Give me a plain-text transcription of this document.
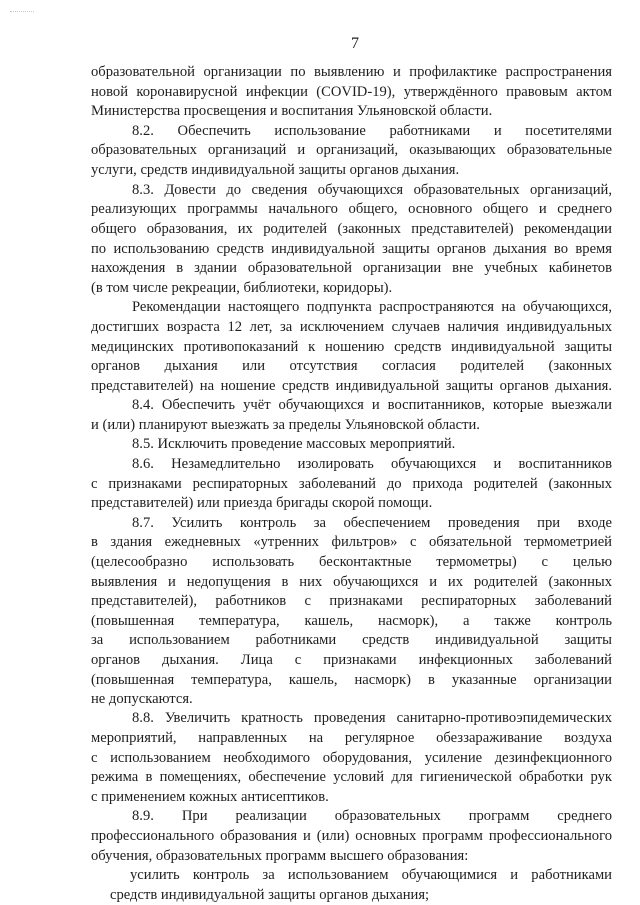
7
образовательной организации по выявлению и профилактике распространения
новой коронавирусной инфекции (COVID-19), утверждённого правовым актом
Министерства просвещения и воспитания Ульяновской области.
8.2. Обеспечить использование работниками и посетителями
образовательных организаций и организаций, оказывающих образовательные
услуги, средств индивидуальной защиты органов дыхания.
8.3. Довести до сведения обучающихся образовательных организаций,
реализующих программы начального общего, основного общего и среднего
общего образования, их родителей (законных представителей) рекомендации
по использованию средств индивидуальной защиты органов дыхания во время
нахождения в здании образовательной организации вне учебных кабинетов
(в том числе рекреации, библиотеки, коридоры).
Рекомендации настоящего подпункта распространяются на обучающихся,
достигших возраста 12 лет, за исключением случаев наличия индивидуальных
медицинских противопоказаний к ношению средств индивидуальной защиты
органов дыхания или отсутствия согласия родителей (законных
представителей) на ношение средств индивидуальной защиты органов дыхания.
8.4. Обеспечить учёт обучающихся и воспитанников, которые выезжали
и (или) планируют выезжать за пределы Ульяновской области.
8.5. Исключить проведение массовых мероприятий.
8.6. Незамедлительно изолировать обучающихся и воспитанников
с признаками респираторных заболеваний до прихода родителей (законных
представителей) или приезда бригады скорой помощи.
8.7. Усилить контроль за обеспечением проведения при входе
в здания ежедневных «утренних фильтров» с обязательной термометрией
(целесообразно использовать бесконтактные термометры) с целью
выявления и недопущения в них обучающихся и их родителей (законных
представителей), работников с признаками респираторных заболеваний
(повышенная температура, кашель, насморк), а также контроль
за использованием работниками средств индивидуальной защиты
органов дыхания. Лица с признаками инфекционных заболеваний
(повышенная температура, кашель, насморк) в указанные организации
не допускаются.
8.8. Увеличить кратность проведения санитарно-противоэпидемических
мероприятий, направленных на регулярное обеззараживание воздуха
с использованием необходимого оборудования, усиление дезинфекционного
режима в помещениях, обеспечение условий для гигиенической обработки рук
с применением кожных антисептиков.
8.9. При реализации образовательных программ среднего
профессионального образования и (или) основных программ профессионального
обучения, образовательных программ высшего образования:
усилить контроль за использованием обучающимися и работниками
средств индивидуальной защиты органов дыхания;
